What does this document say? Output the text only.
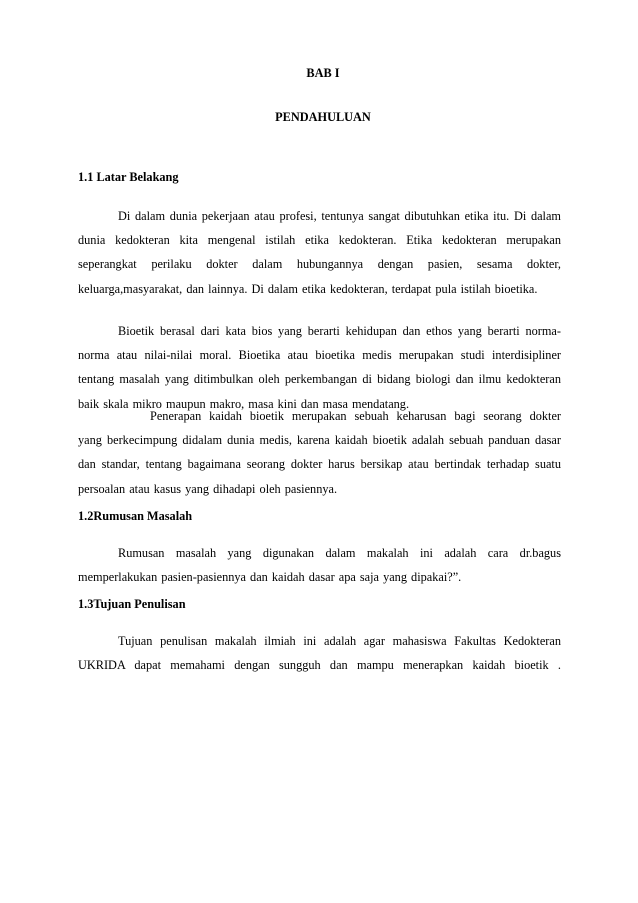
BAB I
PENDAHULUAN
1.1 Latar Belakang
Di dalam dunia pekerjaan atau profesi, tentunya sangat dibutuhkan etika itu. Di dalam
dunia kedokteran kita mengenal istilah etika kedokteran. Etika kedokteran merupakan
seperangkat perilaku dokter dalam hubungannya dengan pasien, sesama dokter,
keluarga,masyarakat, dan lainnya. Di dalam etika kedokteran, terdapat pula istilah bioetika.
Bioetik berasal dari kata bios yang berarti kehidupan dan ethos yang berarti norma-
norma atau nilai-nilai moral. Bioetika atau bioetika medis merupakan studi interdisipliner
tentang masalah yang ditimbulkan oleh perkembangan di bidang biologi dan ilmu kedokteran
baik skala mikro maupun makro, masa kini dan masa mendatang.
Penerapan kaidah bioetik merupakan sebuah keharusan bagi seorang dokter
yang berkecimpung didalam dunia medis, karena kaidah bioetik adalah sebuah panduan dasar
dan standar, tentang bagaimana seorang dokter harus bersikap atau bertindak terhadap suatu
persoalan atau kasus yang dihadapi oleh pasiennya.
1.2Rumusan Masalah
Rumusan masalah yang digunakan dalam makalah ini adalah cara dr.bagus
memperlakukan pasien-pasiennya dan kaidah dasar apa saja yang dipakai?”.
1.3Tujuan Penulisan
Tujuan penulisan makalah ilmiah ini adalah agar mahasiswa Fakultas Kedokteran
UKRIDA dapat memahami dengan sungguh dan mampu menerapkan kaidah bioetik .
